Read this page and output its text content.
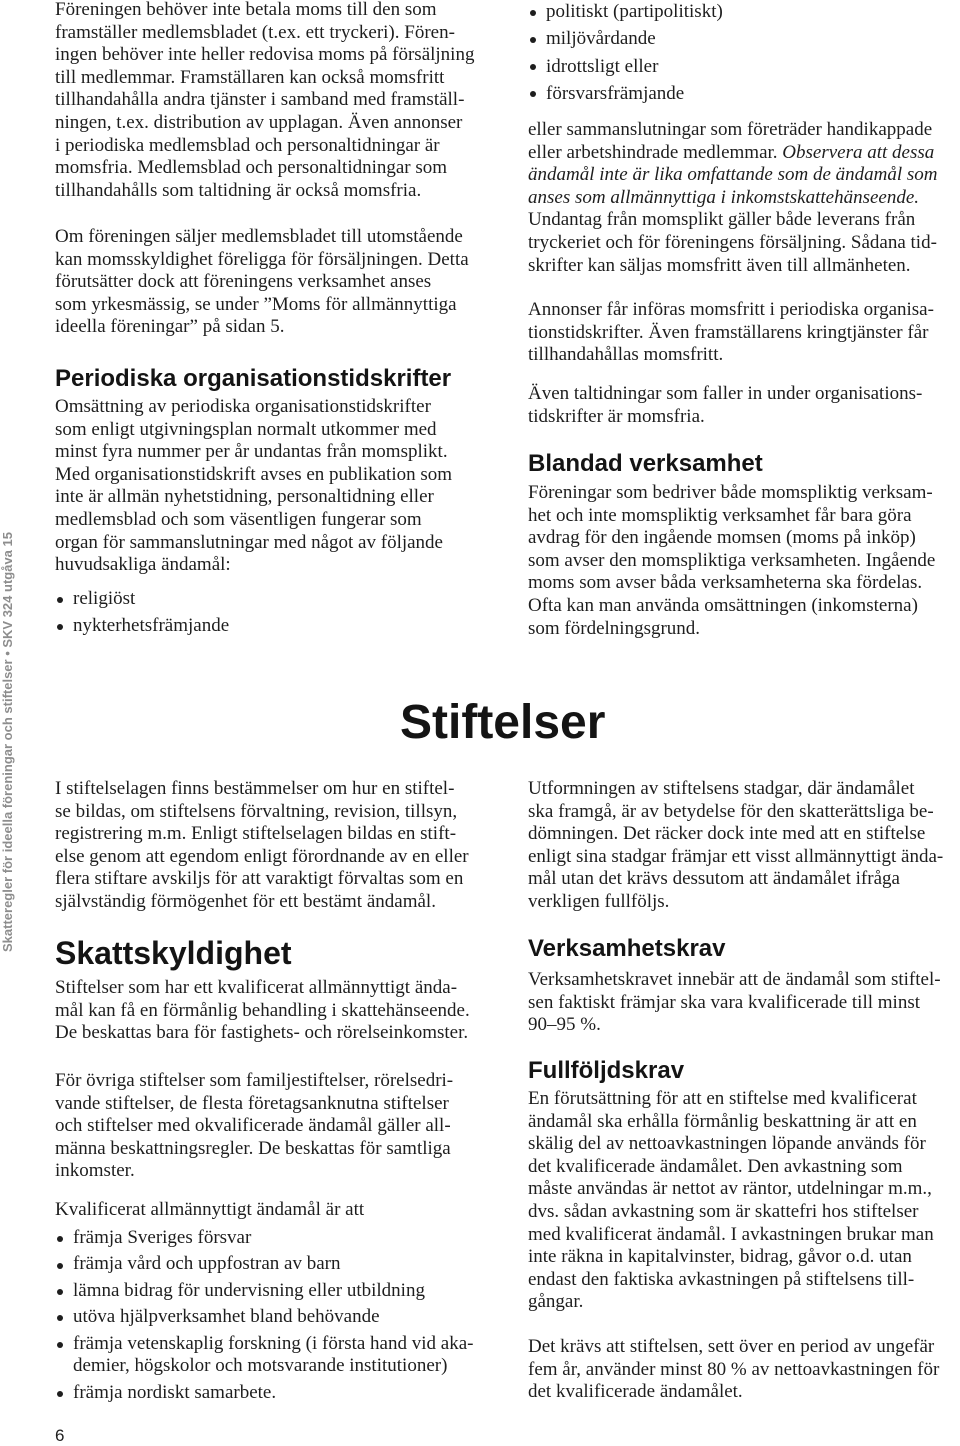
Skatteregler för ideella föreningar och stiftelser • SKV 324 utgåva 15
Föreningen behöver inte betala moms till den som
framställer medlemsbladet (t.ex. ett tryckeri). Fören-
ingen behöver inte heller redovisa moms på försäljning
till medlemmar. Framställaren kan också momsfritt
tillhandahålla andra tjänster i samband med framställ-
ningen, t.ex. distribution av upplagan. Även annonser
i periodiska medlemsblad och personaltidningar är
momsfria. Medlemsblad och personaltidningar som
tillhandahålls som taltidning är också momsfria.
Om föreningen säljer medlemsbladet till utomstående
kan momsskyldighet föreligga för försäljningen. Detta
förutsätter dock att föreningens verksamhet anses
som yrkesmässig, se under ”Moms för allmännyttiga
ideella föreningar” på sidan 5.
Periodiska organisationstidskrifter
Omsättning av periodiska organisationstidskrifter
som enligt utgivningsplan normalt utkommer med
minst fyra nummer per år undantas från momsplikt.
Med organisationstidskrift avses en publikation som
inte är allmän nyhetstidning, personaltidning eller
medlemsblad och som väsentligen fungerar som
organ för sammanslutningar med något av följande
huvudsakliga ändamål:
religiöst
nykterhetsfrämjande
politiskt (partipolitiskt)
miljövårdande
idrottsligt eller
försvarsfrämjande
eller sammanslutningar som företräder handikappade
eller arbetshindrade medlemmar. Observera att dessa
ändamål inte är lika omfattande som de ändamål som
anses som allmännyttiga i inkomstskattehänseende.
Undantag från momsplikt gäller både leverans från
tryckeriet och för föreningens försäljning. Sådana tid-
skrifter kan säljas momsfritt även till allmänheten.
Annonser får införas momsfritt i periodiska organisa-
tionstidskrifter. Även framställarens kringtjänster får
tillhandahållas momsfritt.
Även taltidningar som faller in under organisations-
tidskrifter är momsfria.
Blandad verksamhet
Föreningar som bedriver både momspliktig verksam-
het och inte momspliktig verksamhet får bara göra
avdrag för den ingående momsen (moms på inköp)
som avser den momspliktiga verksamheten. Ingående
moms som avser båda verksamheterna ska fördelas.
Ofta kan man använda omsättningen (inkomsterna)
som fördelningsgrund.
Stiftelser
I stiftelselagen finns bestämmelser om hur en stiftel-
se bildas, om stiftelsens förvaltning, revision, tillsyn,
registrering m.m. Enligt stiftelselagen bildas en stift-
else genom att egendom enligt förordnande av en eller
flera stiftare avskiljs för att varaktigt förvaltas som en
självständig förmögenhet för ett bestämt ändamål.
Skattskyldighet
Stiftelser som har ett kvalificerat allmännyttigt ända-
mål kan få en förmånlig behandling i skattehänseende.
De beskattas bara för fastighets- och rörelseinkomster.
För övriga stiftelser som familjestiftelser, rörelsedri-
vande stiftelser, de flesta företagsanknutna stiftelser
och stiftelser med okvalificerade ändamål gäller all-
männa beskattningsregler. De beskattas för samtliga
inkomster.
Kvalificerat allmännyttigt ändamål är att
främja Sveriges försvar
främja vård och uppfostran av barn
lämna bidrag för undervisning eller utbildning
utöva hjälpverksamhet bland behövande
främja vetenskaplig forskning (i första hand vid aka-
demier, högskolor och motsvarande institutioner)
främja nordiskt samarbete.
Utformningen av stiftelsens stadgar, där ändamålet
ska framgå, är av betydelse för den skatterättsliga be-
dömningen. Det räcker dock inte med att en stiftelse
enligt sina stadgar främjar ett visst allmännyttigt ända-
mål utan det krävs dessutom att ändamålet ifråga
verkligen fullföljs.
Verksamhetskrav
Verksamhetskravet innebär att de ändamål som stiftel-
sen faktiskt främjar ska vara kvalificerade till minst
90–95 %.
Fullföljdskrav
En förutsättning för att en stiftelse med kvalificerat
ändamål ska erhålla förmånlig beskattning är att en
skälig del av nettoavkastningen löpande används för
det kvalificerade ändamålet. Den avkastning som
måste användas är nettot av räntor, utdelningar m.m.,
dvs. sådan avkastning som är skattefri hos stiftelser
med kvalificerat ändamål. I avkastningen brukar man
inte räkna in kapitalvinster, bidrag, gåvor o.d. utan
endast den faktiska avkastningen på stiftelsens till-
gångar.
Det krävs att stiftelsen, sett över en period av ungefär
fem år, använder minst 80 % av nettoavkastningen för
det kvalificerade ändamålet.
6
